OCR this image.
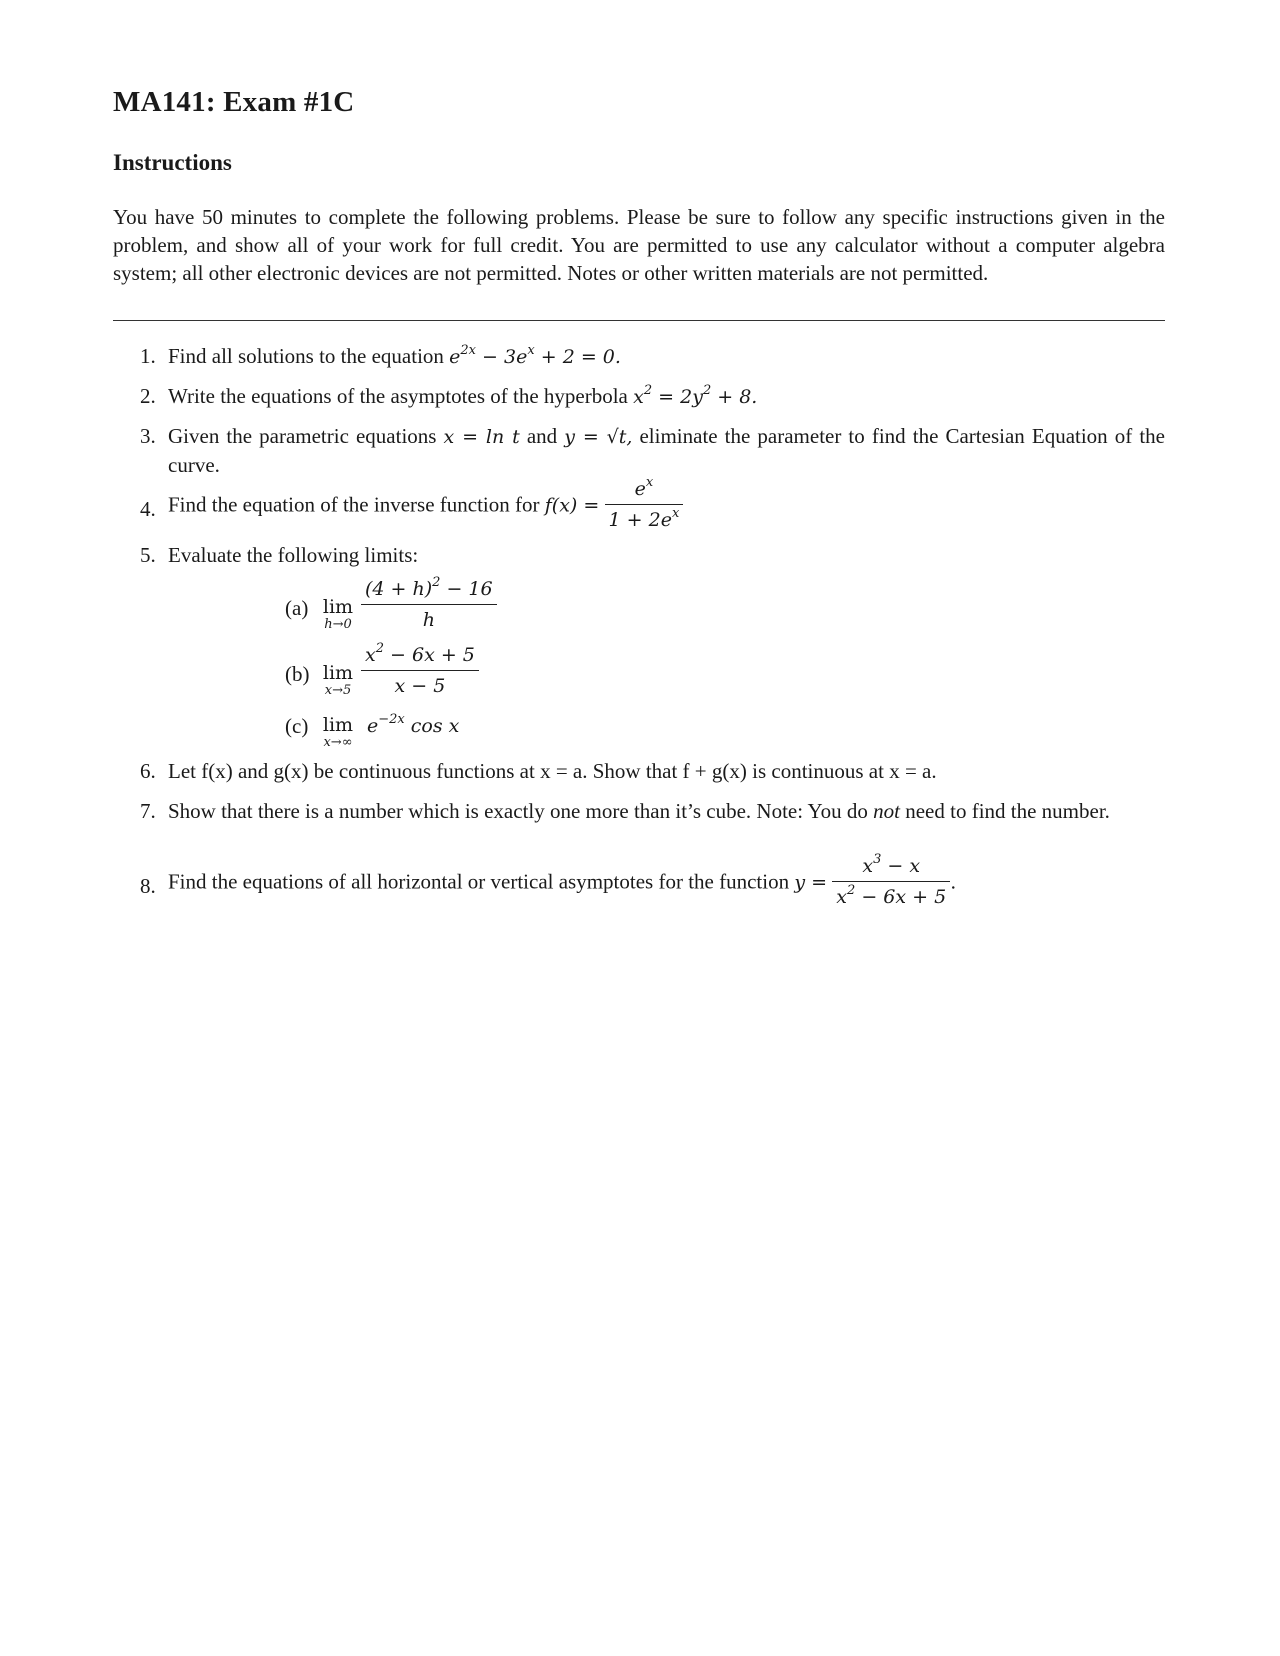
MA141: Exam #1C
Instructions

You have 50 minutes to complete the following problems. Please be sure to follow any specific instructions given in the problem, and show all of your work for full credit. You are permitted to use any calculator without a computer algebra system; all other electronic devices are not permitted. Notes or other written materials are not permitted.

1. Find all solutions to the equation $e^{2x} - 3e^x + 2 = 0$.
2. Write the equations of the asymptotes of the hyperbola $x^2 = 2y^2 + 8$.
3. Given the parametric equations x = ln t and y = √t, eliminate the parameter to find the Cartesian Equation of the curve.
4. Find the equation of the inverse function for $f(x) = \frac{e^x}{1 + 2e^x}$
5. Evaluate the following limits:
(a) lim
$h\to 0 \frac{(4 + h)^2 - 16}{h}$
(b) lim
$x\to 5 \frac{x^2 - 6x + 5}{x - 5}$
(c) lim
x→∞
$e^{-2x}$ cos x
6. Let f(x) and g(x) be continuous functions at x = a. Show that f + g(x) is continuous at x = a.
7. Show that there is a number which is exactly one more than it’s cube. Note: You do not need to find the number.
8. Find the equations of all horizontal or vertical asymptotes for the function $y = \frac{x^3 - x}{x^2 - 6x + 5}$ .
